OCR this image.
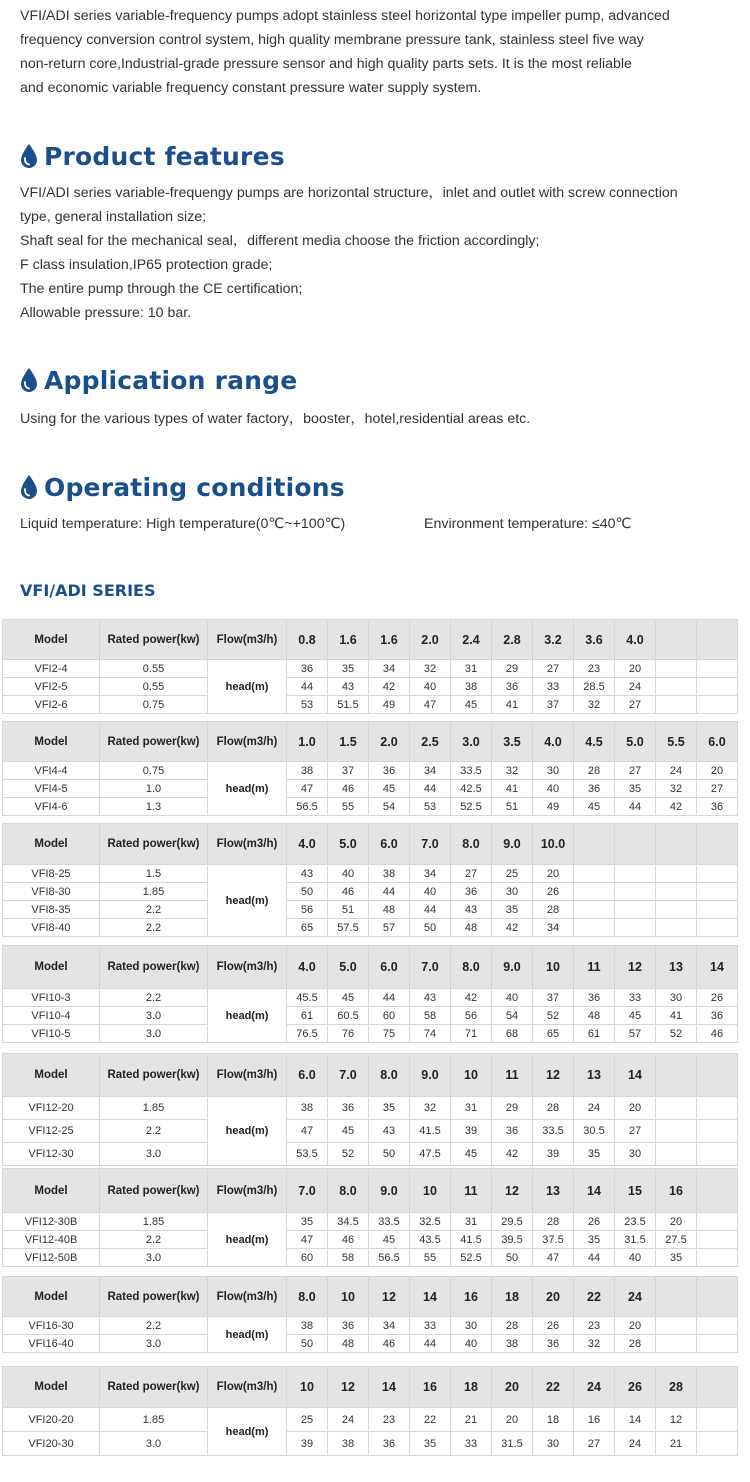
VFI/ADI series variable-frequency pumps adopt stainless steel horizontal type impeller pump, advanced

frequency conversion control system, high quality membrane pressure tank, stainless steel five way

non-return core,Industrial-grade pressure sensor and high quality parts sets. It is the most reliable

and economic variable frequency constant pressure water supply system.

Product features

VFI/ADI series variable-frequengy pumps are horizontal structure，inlet and outlet with screw connection

type, general installation size;

Shaft seal for the mechanical seal，different media choose the friction accordingly;

F class insulation,IP65 protection grade;

The entire pump through the CE certification;

Allowable pressure: 10 bar.

Application range

Using for the various types of water factory，booster，hotel,residential areas etc.

Operating conditions
Liquid temperature: High temperature(0℃~+100℃)	Environment temperature: ≤40℃
VFI/ADI SERIES
Model	Rated power(kw)	Flow(m3/h)	0.8	1.6	1.6	2.0	2.4	2.8	3.2	3.6	4.0		
VFI2-4	0.55	head(m)	36	35	34	32	31	29	27	23	20		
VFI2-5	0.55		44	43	42	40	38	36	33	28.5	24		
VFI2-6	0.75		53	51.5	49	47	45	41	37	32	27		
Model	Rated power(kw)	Flow(m3/h)	1.0	1.5	2.0	2.5	3.0	3.5	4.0	4.5	5.0	5.5	6.0
VFI4-4	0.75	head(m)	38	37	36	34	33.5	32	30	28	27	24	20
VFI4-5	1.0		47	46	45	44	42.5	41	40	36	35	32	27
VFI4-6	1.3		56.5	55	54	53	52.5	51	49	45	44	42	36
Model	Rated power(kw)	Flow(m3/h)	4.0	5.0	6.0	7.0	8.0	9.0	10.0				
VFI8-25	1.5	head(m)	43	40	38	34	27	25	20				
VFI8-30	1.85		50	46	44	40	36	30	26				
VFI8-35	2.2		56	51	48	44	43	35	28				
VFI8-40	2.2		65	57.5	57	50	48	42	34				
Model	Rated power(kw)	Flow(m3/h)	4.0	5.0	6.0	7.0	8.0	9.0	10	11	12	13	14
VFI10-3	2.2	head(m)	45.5	45	44	43	42	40	37	36	33	30	26
VFI10-4	3.0		61	60.5	60	58	56	54	52	48	45	41	36
VFI10-5	3.0		76.5	76	75	74	71	68	65	61	57	52	46
Model	Rated power(kw)	Flow(m3/h)	6.0	7.0	8.0	9.0	10	11	12	13	14		
VFI12-20	1.85	head(m)	38	36	35	32	31	29	28	24	20		
VFI12-25	2.2		47	45	43	41.5	39	36	33.5	30.5	27		
VFI12-30	3.0		53.5	52	50	47.5	45	42	39	35	30		
Model	Rated power(kw)	Flow(m3/h)	7.0	8.0	9.0	10	11	12	13	14	15	16	
VFI12-30B	1.85	head(m)	35	34.5	33.5	32.5	31	29.5	28	26	23.5	20	
VFI12-40B	2.2		47	46	45	43.5	41.5	39.5	37.5	35	31.5	27.5	
VFI12-50B	3.0		60	58	56.5	55	52.5	50	47	44	40	35	
Model	Rated power(kw)	Flow(m3/h)	8.0	10	12	14	16	18	20	22	24		
VFI16-30	2.2	head(m)	38	36	34	33	30	28	26	23	20		
VFI16-40	3.0		50	48	46	44	40	38	36	32	28		
Model	Rated power(kw)	Flow(m3/h)	10	12	14	16	18	20	22	24	26	28	
VFI20-20	1.85	head(m)	25	24	23	22	21	20	18	16	14	12	
VFI20-30	3.0		39	38	36	35	33	31.5	30	27	24	21	
